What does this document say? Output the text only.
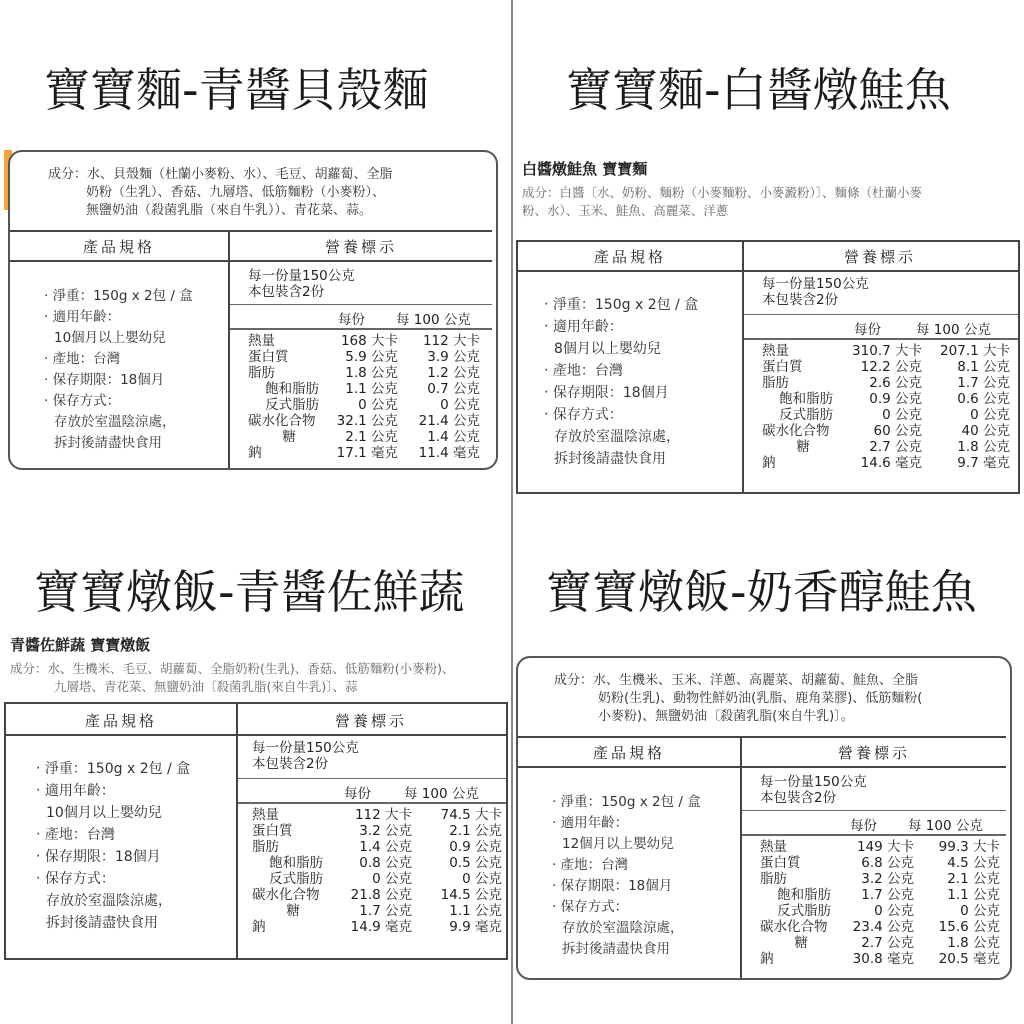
寶寶麵-青醬貝殼麵
成分：水、貝殼麵（杜蘭小麥粉、水）、毛豆、胡蘿蔔、全脂
奶粉（生乳）、香菇、九層塔、低筋麵粉（小麥粉）、
無鹽奶油（殺菌乳脂（來自牛乳））、青花菜、蒜。
產品規格	營養標示
‧ 淨重：150g x 2包 / 盒
‧ 適用年齡：
10個月以上嬰幼兒
‧ 產地：台灣
‧ 保存期限：18個月
‧ 保存方式：
存放於室溫陰涼處，
拆封後請盡快食用
每一份量150公克
本包裝含2份
每份 每 100 公克
熱量	168 大卡 112 大卡
蛋白質	5.9 公克 3.9 公克
脂肪	1.8 公克 1.2 公克
飽和脂肪 1.1 公克 0.7 公克
反式脂肪	0 公克	0 公克
碳水化合物 32.1 公克 21.4 公克
糖	2.1 公克 1.4 公克
鈉	17.1 毫克 11.4 毫克
寶寶麵-白醬燉鮭魚
白醬燉鮭魚 寶寶麵
成分：白醬〔水、奶粉、麵粉（小麥麵粉、小麥澱粉）〕、麵條（杜蘭小麥
粉、水）、玉米、鮭魚、高麗菜、洋蔥
產品規格	營養標示
‧ 淨重：150g x 2包 / 盒
‧ 適用年齡：
8個月以上嬰幼兒
‧ 產地：台灣
‧ 保存期限：18個月
‧ 保存方式：
存放於室溫陰涼處，
拆封後請盡快食用
每一份量150公克
本包裝含2份
每份	每 100 公克
熱量	310.7 大卡 207.1 大卡
蛋白質	12.2 公克	8.1 公克
脂肪	2.6 公克	1.7 公克
飽和脂肪	0.9 公克	0.6 公克
反式脂肪	0 公克	0 公克
碳水化合物	60 公克	40 公克
糖	2.7 公克	1.8 公克
鈉	14.6 毫克	9.7 毫克
寶寶燉飯-青醬佐鮮蔬
青醬佐鮮蔬 寶寶燉飯
成分：水、生機米、毛豆、胡蘿蔔、全脂奶粉(生乳)、香菇、低筋麵粉(小麥粉)、
九層塔、青花菜、無鹽奶油〔殺菌乳脂(來自牛乳)〕、蒜
產品規格	營養標示
‧ 淨重：150g x 2包 / 盒
‧ 適用年齡：
10個月以上嬰幼兒
‧ 產地：台灣
‧ 保存期限：18個月
‧ 保存方式：
存放於室溫陰涼處，
拆封後請盡快食用
每一份量150公克
本包裝含2份
每份 每 100 公克
熱量	112 大卡 74.5 大卡
蛋白質	3.2 公克	2.1 公克
脂肪	1.4 公克	0.9 公克
飽和脂肪	0.8 公克	0.5 公克
反式脂肪	0 公克	0 公克
碳水化合物 21.8 公克 14.5 公克
糖	1.7 公克	1.1 公克
鈉	14.9 毫克	9.9 毫克
寶寶燉飯-奶香醇鮭魚
成分：水、生機米、玉米、洋蔥、高麗菜、胡蘿蔔、鮭魚、全脂
奶粉(生乳)、動物性鮮奶油(乳脂、鹿角菜膠)、低筋麵粉(
小麥粉)、無鹽奶油〔殺菌乳脂(來自牛乳)〕。
產品規格	營養標示
‧ 淨重：150g x 2包 / 盒
‧ 適用年齡：
12個月以上嬰幼兒
‧ 產地：台灣
‧ 保存期限：18個月
‧ 保存方式：
存放於室溫陰涼處，
拆封後請盡快食用
每一份量150公克
本包裝含2份
每份 每 100 公克
熱量	149 大卡 99.3 大卡
蛋白質	6.8 公克 4.5 公克
脂肪	3.2 公克 2.1 公克
飽和脂肪 1.7 公克 1.1 公克
反式脂肪	0 公克	0 公克
碳水化合物 23.4 公克 15.6 公克
糖	2.7 公克 1.8 公克
鈉	30.8 毫克 20.5 毫克
